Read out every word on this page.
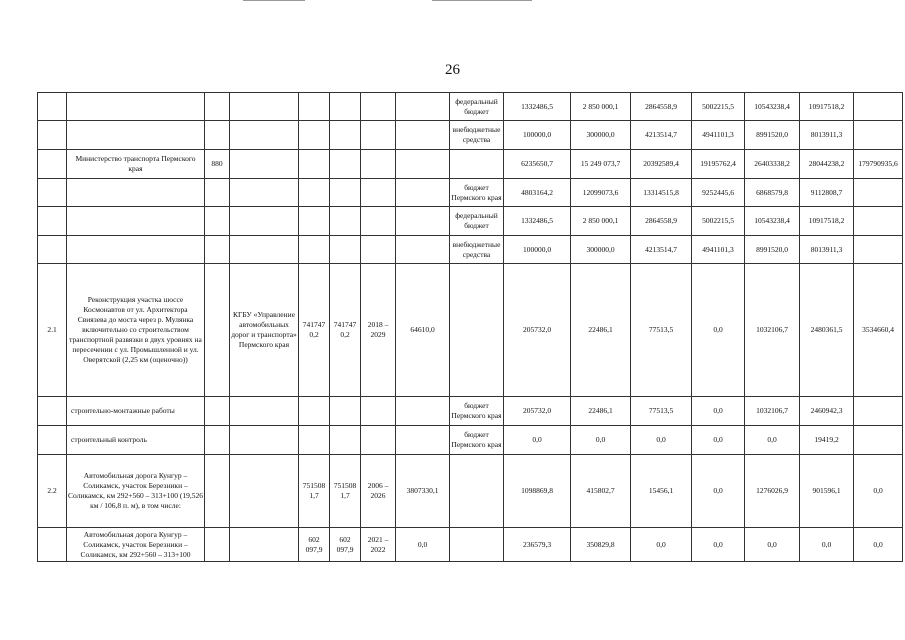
26
								федеральный бюджет	1332486,5	2 850 000,1	2864558,9	5002215,5	10543238,4	10917518,2	
								внебюджетные средства	100000,0	300000,0	4213514,7	4941101,3	8991520,0	8013911,3	
	Министерство транспорта Пермского края	880							6235650,7	15 249 073,7	20392589,4	19195762,4	26403338,2	28044238,2	179790935,6
								бюджет Пермского края	4803164,2	12099073,6	13314515,8	9252445,6	6868579,8	9112808,7	
								федеральный бюджет	1332486,5	2 850 000,1	2864558,9	5002215,5	10543238,4	10917518,2	
								внебюджетные средства	100000,0	300000,0	4213514,7	4941101,3	8991520,0	8013911,3	
2.1	Реконструкция участка шоссе Космонавтов от ул. Архитектора Свиязева до моста через р. Мулянка включительно со строительством транспортной развязки в двух уровнях на пересечении с ул. Промышленной и ул. Оверятской (2,25 км (оценочно))		КГБУ «Управление автомобильных дорог и транспорта» Пермского края	741747 0,2	741747 0,2	2018 – 2029	64610,0		205732,0	22486,1	77513,5	0,0	1032106,7	2480361,5	3534660,4
	строительно-монтажные работы							бюджет Пермского края	205732,0	22486,1	77513,5	0,0	1032106,7	2460942,3	
	строительный контроль							бюджет Пермского края	0,0	0,0	0,0	0,0	0,0	19419,2	
2.2	Автомобильная дорога Кунгур – Соликамск, участок Березники – Соликамск, км 292+560 – 313+100 (19,526 км / 106,8 п. м), в том числе:			751508 1,7	751508 1,7	2006 – 2026	3807330,1		1098869,8	415802,7	15456,1	0,0	1276026,9	901596,1	0,0
	Автомобильная дорога Кунгур – Соликамск, участок Березники – Соликамск, км 292+560 – 313+100			602 097,9	602 097,9	2021 – 2022	0,0		236579,3	350829,8	0,0	0,0	0,0	0,0	0,0
